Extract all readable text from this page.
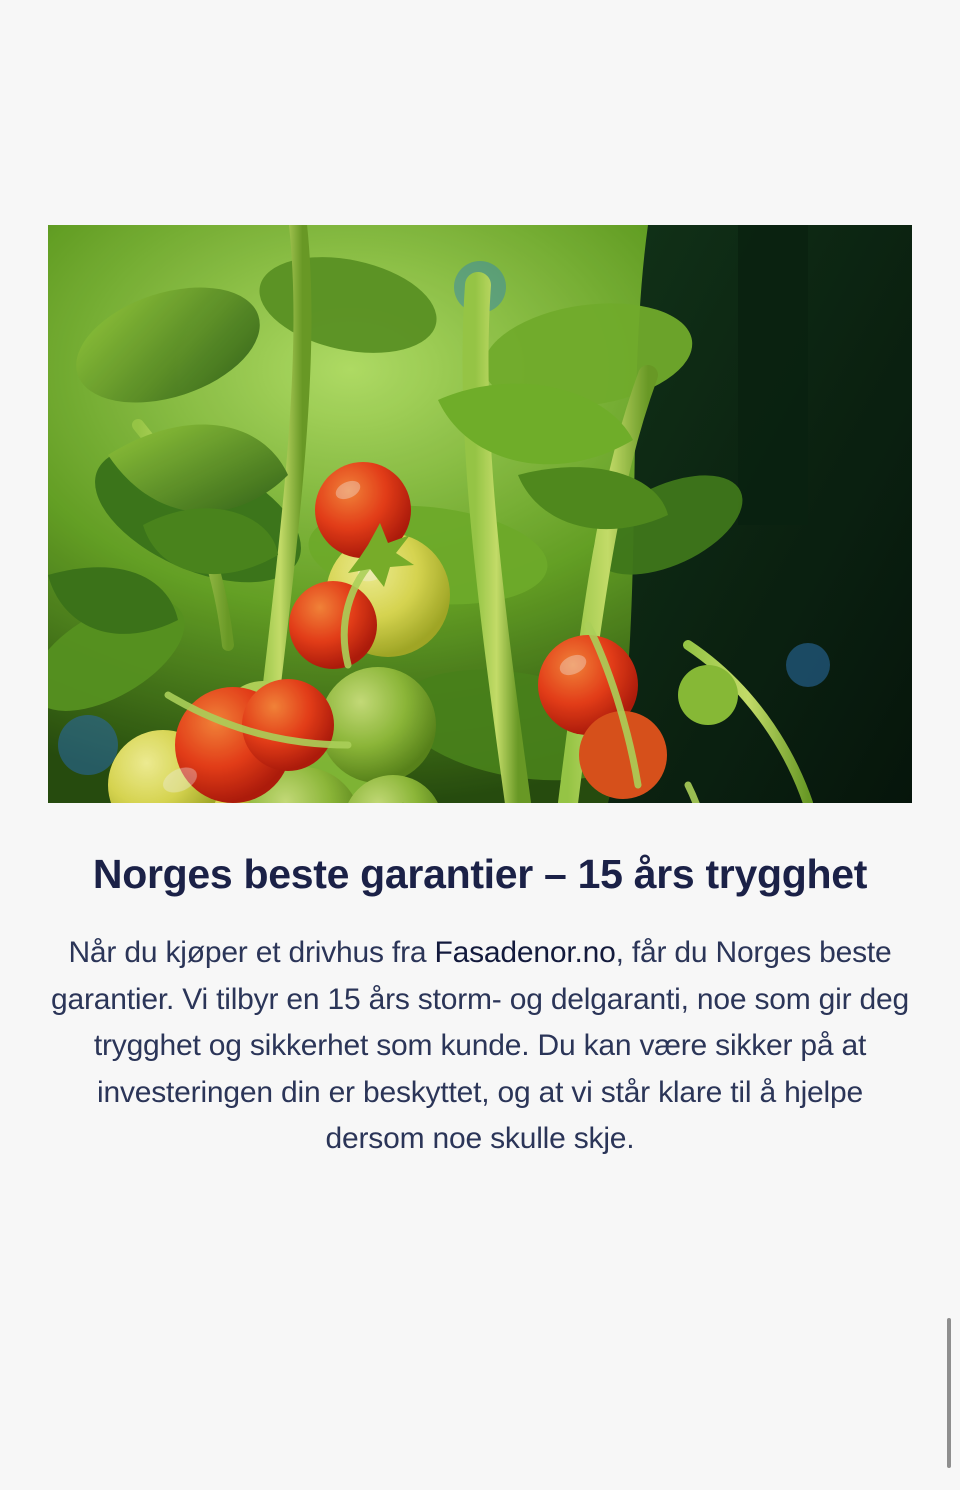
Norges beste garantier – 15 års trygghet

Når du kjøper et drivhus fra Fasadenor.no, får du Norges beste garantier. Vi tilbyr en 15 års storm- og delgaranti, noe som gir deg trygghet og sikkerhet som kunde. Du kan være sikker på at investeringen din er beskyttet, og at vi står klare til å hjelpe dersom noe skulle skje.
